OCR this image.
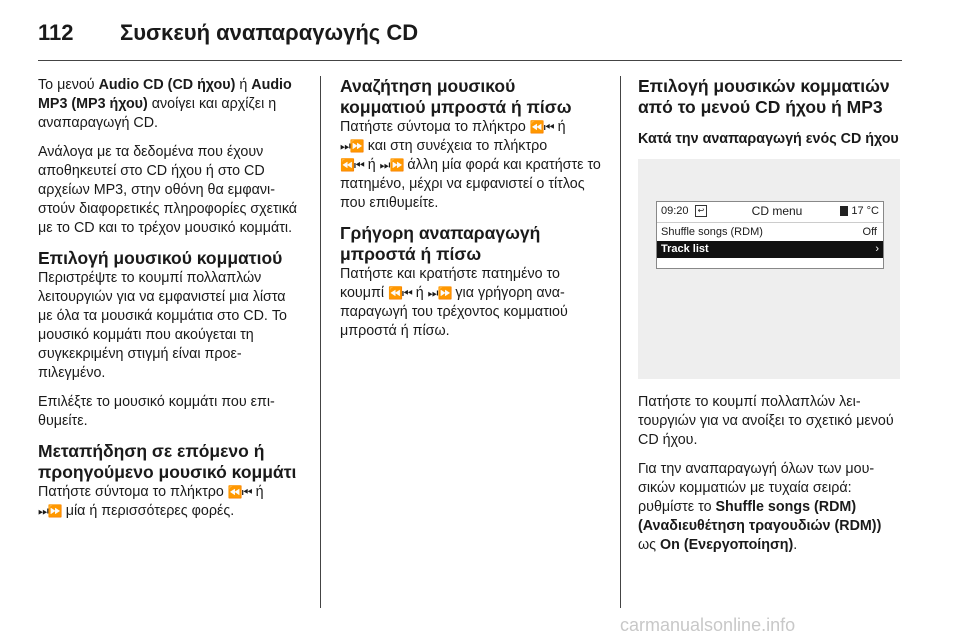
112 Συσκευή αναπαραγωγής CD

Το μενού Audio CD (CD ήχου) ή Audio MP3 (MP3 ήχου) ανοίγει και αρχίζει η αναπαραγωγή CD.

Ανάλογα με τα δεδομένα που έχουν αποθηκευτεί στο CD ήχου ή στο CD αρχείων MP3, στην οθόνη θα εμφανιστούν διαφορετικές πληροφορίες σχετικά με το CD και το τρέχον μουσικό κομμάτι.

Επιλογή μουσικού κομματιού

Περιστρέψτε το κουμπί πολλαπλών λειτουργιών για να εμφανιστεί μια λίστα με όλα τα μουσικά κομμάτια στο CD. Το μουσικό κομμάτι που ακούγεται τη συγκεκριμένη στιγμή είναι προεπιλεγμένο.

Επιλέξτε το μουσικό κομμάτι που επιθυμείτε.

Μεταπήδηση σε επόμενο ή προηγούμενο μουσικό κομμάτι

Πατήστε σύντομα το πλήκτρο ⏪⏮ ή
⏭⏩ μία ή περισσότερες φορές.

Αναζήτηση μουσικού κομματιού μπροστά ή πίσω

Πατήστε σύντομα το πλήκτρο ⏪⏮ ή
⏭⏩ και στη συνέχεια το πλήκτρο
⏪⏮ ή ⏭⏩ άλλη μία φορά και κρατήστε το πατημένο, μέχρι να εμφανιστεί ο τίτλος που επιθυμείτε.

Γρήγορη αναπαραγωγή μπροστά ή πίσω

Πατήστε και κρατήστε πατημένο το κουμπί ⏪⏮ ή ⏭⏩ για γρήγορη αναπαραγωγή του τρέχοντος κομματιού μπροστά ή πίσω.

Επιλογή μουσικών κομματιών από το μενού CD ήχου ή MP3
Κατά την αναπαραγωγή ενός CD ήχου
09:20	↩	CD menu	17 °C
Shuffle songs (RDM)	Off
Track list	›

Πατήστε το κουμπί πολλαπλών λειτουργιών για να ανοίξει το σχετικό μενού CD ήχου.

Για την αναπαραγωγή όλων των μουσικών κομματιών με τυχαία σειρά: ρυθμίστε το Shuffle songs (RDM) (Αναδιευθέτηση τραγουδιών (RDM)) ως On (Ενεργοποίηση).

carmanualsonline.info
